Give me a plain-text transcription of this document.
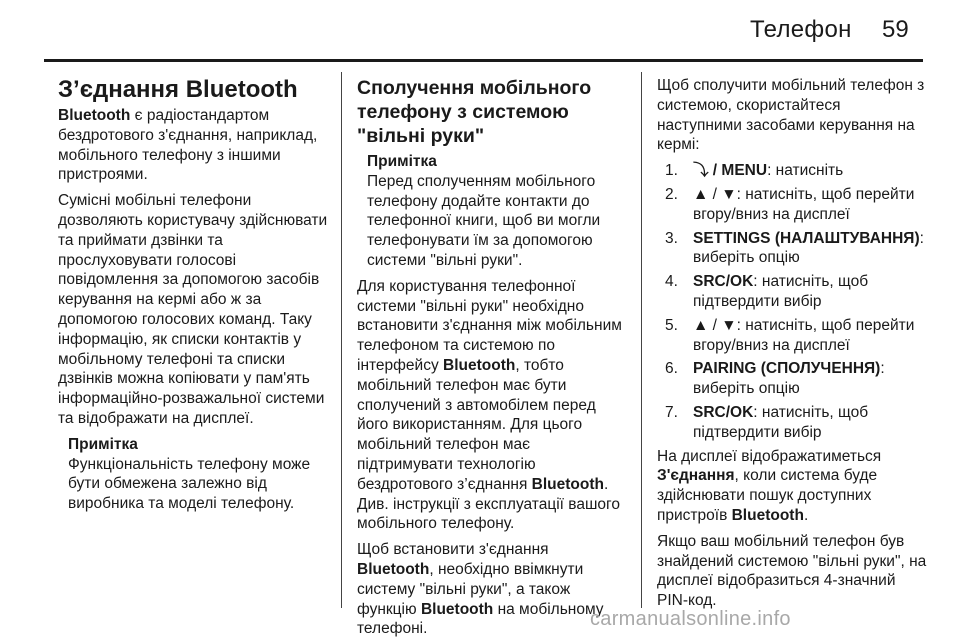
Телефон 59
З’єднання Bluetooth

Bluetooth є радіостандартом бездротового з'єднання, наприклад, мобільного телефону з іншими пристроями.

Сумісні мобільні телефони дозволяють користувачу здійснювати та приймати дзвінки та прослуховувати голосові повідомлення за допомогою засобів керування на кермі або ж за допомогою голосових команд. Таку інформацію, як списки контактів у мобільному телефоні та списки дзвінків можна копіювати у пам'ять інформаційно-розважальної системи та відображати на дисплеї.

Примітка
Функціональність телефону може бути обмежена залежно від виробника та моделі телефону.
Сполучення мобільного телефону з системою "вільні руки"
Примітка
Перед сполученням мобільного телефону додайте контакти до телефонної книги, щоб ви могли телефонувати їм за допомогою системи "вільні руки".

Для користування телефонної системи "вільні руки" необхідно встановити з'єднання між мобільним телефоном та системою по інтерфейсу Bluetooth, тобто мобільний телефон має бути сполучений з автомобілем перед його використанням. Для цього мобільний телефон має підтримувати технологію бездротового з’єднання Bluetooth. Див. інструкції з експлуатації вашого мобільного телефону.

Щоб встановити з'єднання Bluetooth, необхідно ввімкнути систему "вільні руки", а також функцію Bluetooth на мобільному телефоні.

Щоб сполучити мобільний телефон з системою, скористайтеся наступними засобами керування на кермі:

1. ⤵ / MENU: натисніть
2. ▲ / ▼: натисніть, щоб перейти вгору/вниз на дисплеї
3. SETTINGS (НАЛАШТУВАННЯ): виберіть опцію
4. SRC/OK: натисніть, щоб підтвердити вибір
5. ▲ / ▼: натисніть, щоб перейти вгору/вниз на дисплеї
6. PAIRING (СПОЛУЧЕННЯ): виберіть опцію
7. SRC/OK: натисніть, щоб підтвердити вибір

На дисплеї відображатиметься З'єднання, коли система буде здійснювати пошук доступних пристроїв Bluetooth.

Якщо ваш мобільний телефон був знайдений системою "вільні руки", на дисплеї відобразиться 4-значний PIN-код.

carmanualsonline.info
